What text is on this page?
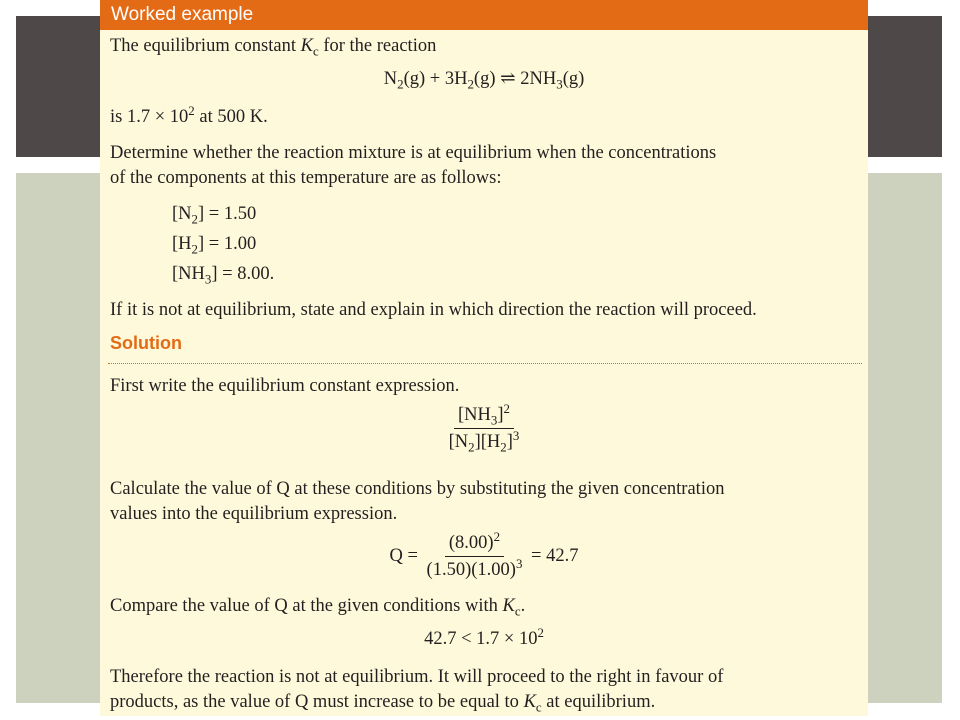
Worked example
The equilibrium constant $K_c$ for the reaction
$N_2(g) + 3H_2(g)$ ⇌ $2NH_3(g)$
is $1.7 \times 10^2$ at 500 K.
Determine whether the reaction mixture is at equilibrium when the concentrations
of the components at this temperature are as follows:
$[N_2] = 1.50$
$[H_2] = 1.00$
$[NH_3] = 8.00$.
If it is not at equilibrium, state and explain in which direction the reaction will proceed.
Solution
First write the equilibrium constant expression.
$\frac{[NH_3]^2}{[N_2][H_2]^3}$
Calculate the value of Q at these conditions by substituting the given concentration
values into the equilibrium expression.
$Q = \frac{(8.00)^2}{(1.50)(1.00)^3} = 42.7$
Compare the value of Q at the given conditions with $K_c$.
$42.7 < 1.7 \times 10^2$
Therefore the reaction is not at equilibrium. It will proceed to the right in favour of
products, as the value of Q must increase to be equal to $K_c$ at equilibrium.
